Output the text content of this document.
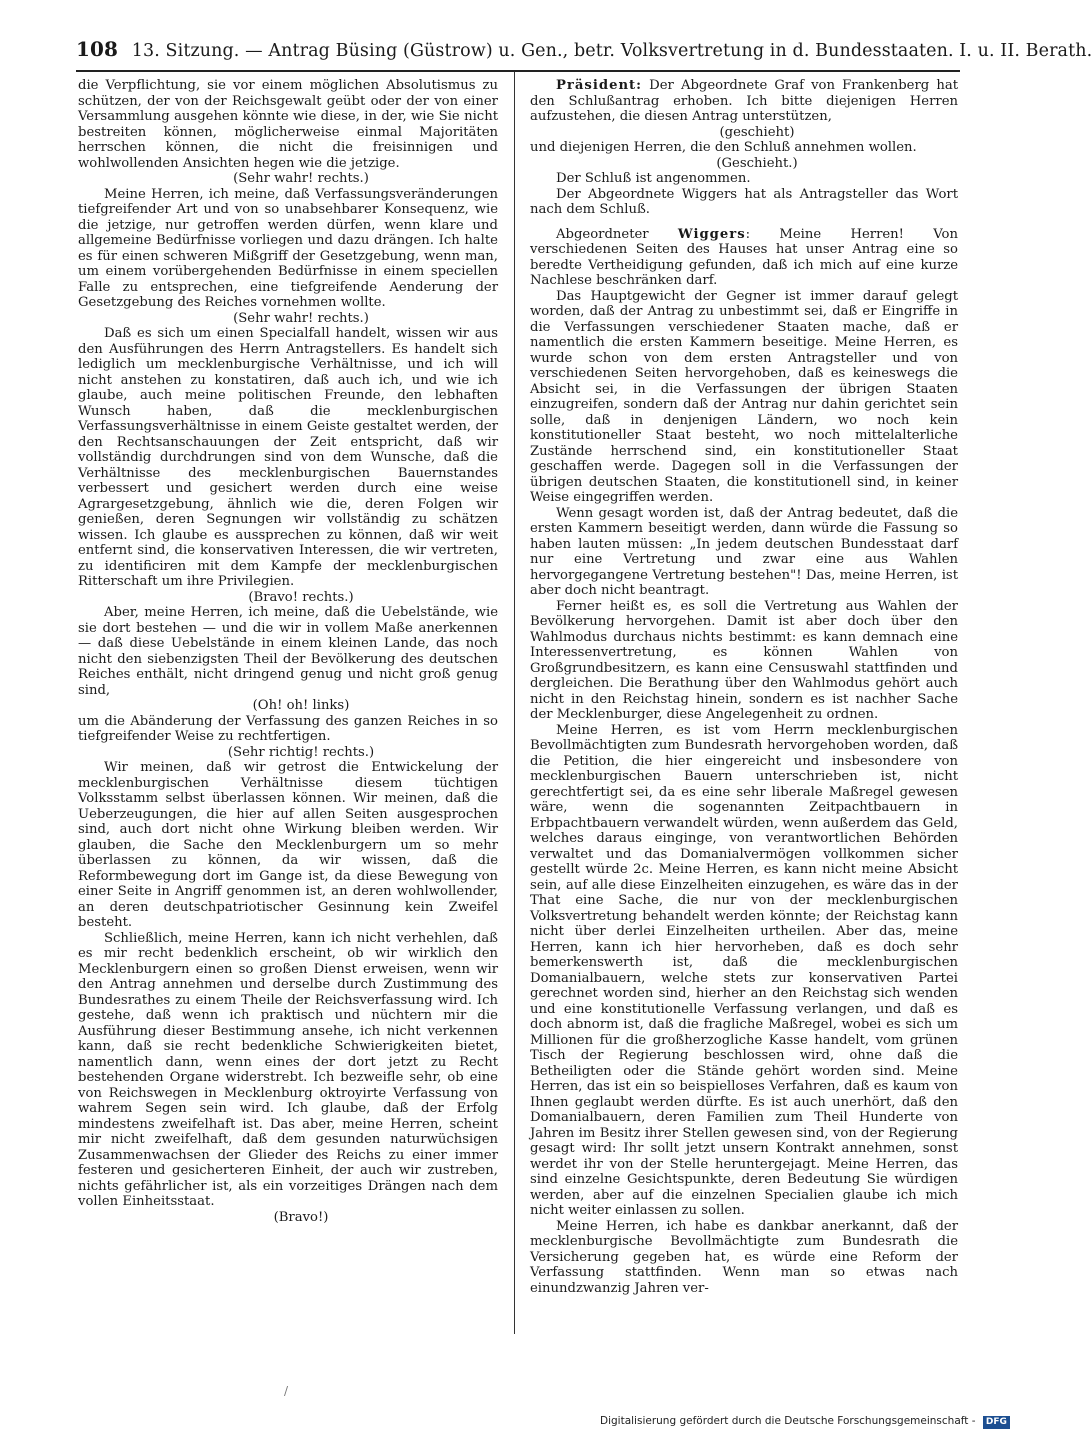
108 13. Sitzung. — Antrag Büsing (Güstrow) u. Gen., betr. Volksvertretung in d. Bundesstaaten. I. u. II. Berath.

die Verpflichtung, sie vor einem möglichen Absolutismus zu schützen, der von der Reichsgewalt geübt oder der von einer Versammlung ausgehen könnte wie diese, in der, wie Sie nicht bestreiten können, möglicherweise einmal Majoritäten herrschen können, die nicht die freisinnigen und wohlwollenden Ansichten hegen wie die jetzige.

(Sehr wahr! rechts.)

Meine Herren, ich meine, daß Verfassungsveränderungen tiefgreifender Art und von so unabsehbarer Konsequenz, wie die jetzige, nur getroffen werden dürfen, wenn klare und allgemeine Bedürfnisse vorliegen und dazu drängen. Ich halte es für einen schweren Mißgriff der Gesetzgebung, wenn man, um einem vorübergehenden Bedürfnisse in einem speciellen Falle zu entsprechen, eine tiefgreifende Aenderung der Gesetzgebung des Reiches vornehmen wollte.

(Sehr wahr! rechts.)

Daß es sich um einen Specialfall handelt, wissen wir aus den Ausführungen des Herrn Antragstellers. Es handelt sich lediglich um mecklenburgische Verhältnisse, und ich will nicht anstehen zu konstatiren, daß auch ich, und wie ich glaube, auch meine politischen Freunde, den lebhaften Wunsch haben, daß die mecklenburgischen Verfassungsverhältnisse in einem Geiste gestaltet werden, der den Rechtsanschauungen der Zeit entspricht, daß wir vollständig durchdrungen sind von dem Wunsche, daß die Verhältnisse des mecklenburgischen Bauernstandes verbessert und gesichert werden durch eine weise Agrargesetzgebung, ähnlich wie die, deren Folgen wir genießen, deren Segnungen wir vollständig zu schätzen wissen. Ich glaube es aussprechen zu können, daß wir weit entfernt sind, die konservativen Interessen, die wir vertreten, zu identificiren mit dem Kampfe der mecklenburgischen Ritterschaft um ihre Privilegien.

(Bravo! rechts.)

Aber, meine Herren, ich meine, daß die Uebelstände, wie sie dort bestehen — und die wir in vollem Maße anerkennen — daß diese Uebelstände in einem kleinen Lande, das noch nicht den siebenzigsten Theil der Bevölkerung des deutschen Reiches enthält, nicht dringend genug und nicht groß genug sind,

(Oh! oh! links)

um die Abänderung der Verfassung des ganzen Reiches in so tiefgreifender Weise zu rechtfertigen.

(Sehr richtig! rechts.)

Wir meinen, daß wir getrost die Entwickelung der mecklenburgischen Verhältnisse diesem tüchtigen Volksstamm selbst überlassen können. Wir meinen, daß die Ueberzeugungen, die hier auf allen Seiten ausgesprochen sind, auch dort nicht ohne Wirkung bleiben werden. Wir glauben, die Sache den Mecklenburgern um so mehr überlassen zu können, da wir wissen, daß die Reformbewegung dort im Gange ist, da diese Bewegung von einer Seite in Angriff genommen ist, an deren wohlwollender, an deren deutschpatriotischer Gesinnung kein Zweifel besteht.

Schließlich, meine Herren, kann ich nicht verhehlen, daß es mir recht bedenklich erscheint, ob wir wirklich den Mecklenburgern einen so großen Dienst erweisen, wenn wir den Antrag annehmen und derselbe durch Zustimmung des Bundesrathes zu einem Theile der Reichsverfassung wird. Ich gestehe, daß wenn ich praktisch und nüchtern mir die Ausführung dieser Bestimmung ansehe, ich nicht verkennen kann, daß sie recht bedenkliche Schwierigkeiten bietet, namentlich dann, wenn eines der dort jetzt zu Recht bestehenden Organe widerstrebt. Ich bezweifle sehr, ob eine von Reichswegen in Mecklenburg oktroyirte Verfassung von wahrem Segen sein wird. Ich glaube, daß der Erfolg mindestens zweifelhaft ist. Das aber, meine Herren, scheint mir nicht zweifelhaft, daß dem gesunden naturwüchsigen Zusammenwachsen der Glieder des Reichs zu einer immer festeren und gesicherteren Einheit, der auch wir zustreben, nichts gefährlicher ist, als ein vorzeitiges Drängen nach dem vollen Einheitsstaat.

(Bravo!)

Präsident: Der Abgeordnete Graf von Frankenberg hat den Schlußantrag erhoben. Ich bitte diejenigen Herren aufzustehen, die diesen Antrag unterstützen,

(geschieht)

und diejenigen Herren, die den Schluß annehmen wollen.

(Geschieht.)

Der Schluß ist angenommen.

Der Abgeordnete Wiggers hat als Antragsteller das Wort nach dem Schluß.

Abgeordneter Wiggers: Meine Herren! Von verschiedenen Seiten des Hauses hat unser Antrag eine so beredte Vertheidigung gefunden, daß ich mich auf eine kurze Nachlese beschränken darf.

Das Hauptgewicht der Gegner ist immer darauf gelegt worden, daß der Antrag zu unbestimmt sei, daß er Eingriffe in die Verfassungen verschiedener Staaten mache, daß er namentlich die ersten Kammern beseitige. Meine Herren, es wurde schon von dem ersten Antragsteller und von verschiedenen Seiten hervorgehoben, daß es keineswegs die Absicht sei, in die Verfassungen der übrigen Staaten einzugreifen, sondern daß der Antrag nur dahin gerichtet sein solle, daß in denjenigen Ländern, wo noch kein konstitutioneller Staat besteht, wo noch mittelalterliche Zustände herrschend sind, ein konstitutioneller Staat geschaffen werde. Dagegen soll in die Verfassungen der übrigen deutschen Staaten, die konstitutionell sind, in keiner Weise eingegriffen werden.

Wenn gesagt worden ist, daß der Antrag bedeutet, daß die ersten Kammern beseitigt werden, dann würde die Fassung so haben lauten müssen: „In jedem deutschen Bundesstaat darf nur eine Vertretung und zwar eine aus Wahlen hervorgegangene Vertretung bestehen"! Das, meine Herren, ist aber doch nicht beantragt.

Ferner heißt es, es soll die Vertretung aus Wahlen der Bevölkerung hervorgehen. Damit ist aber doch über den Wahlmodus durchaus nichts bestimmt: es kann demnach eine Interessenvertretung, es können Wahlen von Großgrundbesitzern, es kann eine Censuswahl stattfinden und dergleichen. Die Berathung über den Wahlmodus gehört auch nicht in den Reichstag hinein, sondern es ist nachher Sache der Mecklenburger, diese Angelegenheit zu ordnen.

Meine Herren, es ist vom Herrn mecklenburgischen Bevollmächtigten zum Bundesrath hervorgehoben worden, daß die Petition, die hier eingereicht und insbesondere von mecklenburgischen Bauern unterschrieben ist, nicht gerechtfertigt sei, da es eine sehr liberale Maßregel gewesen wäre, wenn die sogenannten Zeitpachtbauern in Erbpachtbauern verwandelt würden, wenn außerdem das Geld, welches daraus einginge, von verantwortlichen Behörden verwaltet und das Domanialvermögen vollkommen sicher gestellt würde 2c. Meine Herren, es kann nicht meine Absicht sein, auf alle diese Einzelheiten einzugehen, es wäre das in der That eine Sache, die nur von der mecklenburgischen Volksvertretung behandelt werden könnte; der Reichstag kann nicht über derlei Einzelheiten urtheilen. Aber das, meine Herren, kann ich hier hervorheben, daß es doch sehr bemerkenswerth ist, daß die mecklenburgischen Domanialbauern, welche stets zur konservativen Partei gerechnet worden sind, hierher an den Reichstag sich wenden und eine konstitutionelle Verfassung verlangen, und daß es doch abnorm ist, daß die fragliche Maßregel, wobei es sich um Millionen für die großherzogliche Kasse handelt, vom grünen Tisch der Regierung beschlossen wird, ohne daß die Betheiligten oder die Stände gehört worden sind. Meine Herren, das ist ein so beispielloses Verfahren, daß es kaum von Ihnen geglaubt werden dürfte. Es ist auch unerhört, daß den Domanialbauern, deren Familien zum Theil Hunderte von Jahren im Besitz ihrer Stellen gewesen sind, von der Regierung gesagt wird: Ihr sollt jetzt unsern Kontrakt annehmen, sonst werdet ihr von der Stelle heruntergejagt. Meine Herren, das sind einzelne Gesichtspunkte, deren Bedeutung Sie würdigen werden, aber auf die einzelnen Specialien glaube ich mich nicht weiter einlassen zu sollen.

Meine Herren, ich habe es dankbar anerkannt, daß der mecklenburgische Bevollmächtigte zum Bundesrath die Versicherung gegeben hat, es würde eine Reform der Verfassung stattfinden. Wenn man so etwas nach einundzwanzig Jahren ver-

/
Digitalisierung gefördert durch die Deutsche Forschungsgemeinschaft - DFG
